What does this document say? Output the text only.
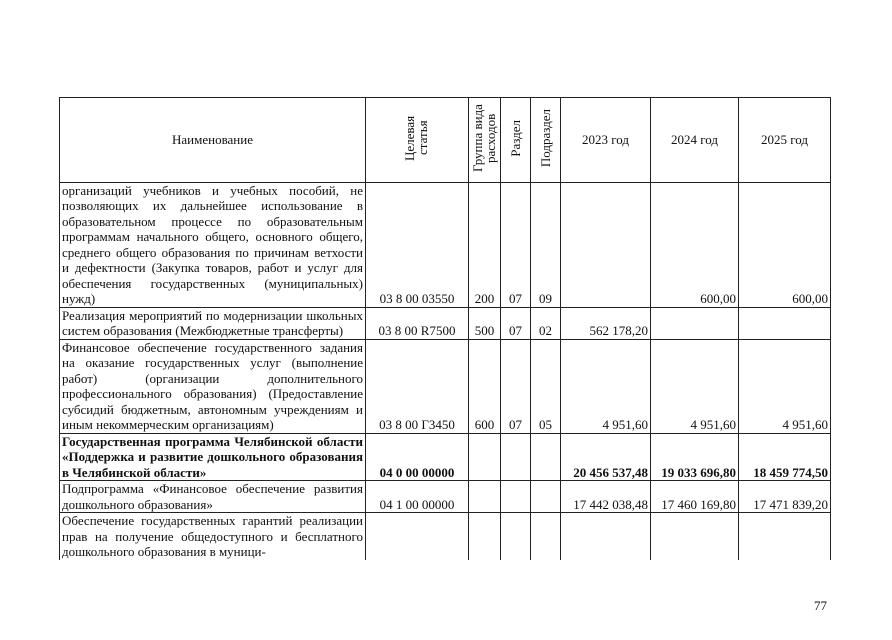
Наименование	Целевая статья	Группа вида расходов	Раздел	Подраздел	2023 год	2024 год	2025 год
организаций учебников и учебных пособий, не позволяющих их дальнейшее использование в образовательном процессе по образовательным программам начального общего, основного общего, среднего общего образования по причинам ветхости и дефектности (Закупка товаров, работ и услуг для обеспечения государственных (муниципальных) нужд)	03 8 00 03550	200	07	09		600,00	600,00
Реализация мероприятий по модернизации школьных систем образования (Межбюджетные трансферты)	03 8 00 R7500	500	07	02	562 178,20		
Финансовое обеспечение государственного задания на оказание государственных услуг (выполнение работ) (организации дополнительного профессионального образования) (Предоставление субсидий бюджетным, автономным учреждениям и иным некоммерческим организациям)	03 8 00 Г3450	600	07	05	4 951,60	4 951,60	4 951,60
Государственная программа Челябинской области «Поддержка и развитие дошкольного образования в Челябинской области»	04 0 00 00000				20 456 537,48	19 033 696,80	18 459 774,50
Подпрограмма «Финансовое обеспечение развития дошкольного образования»	04 1 00 00000				17 442 038,48	17 460 169,80	17 471 839,20
Обеспечение государственных гарантий реализации прав на получение общедоступного и бесплатного дошкольного образования в муници-							
77
